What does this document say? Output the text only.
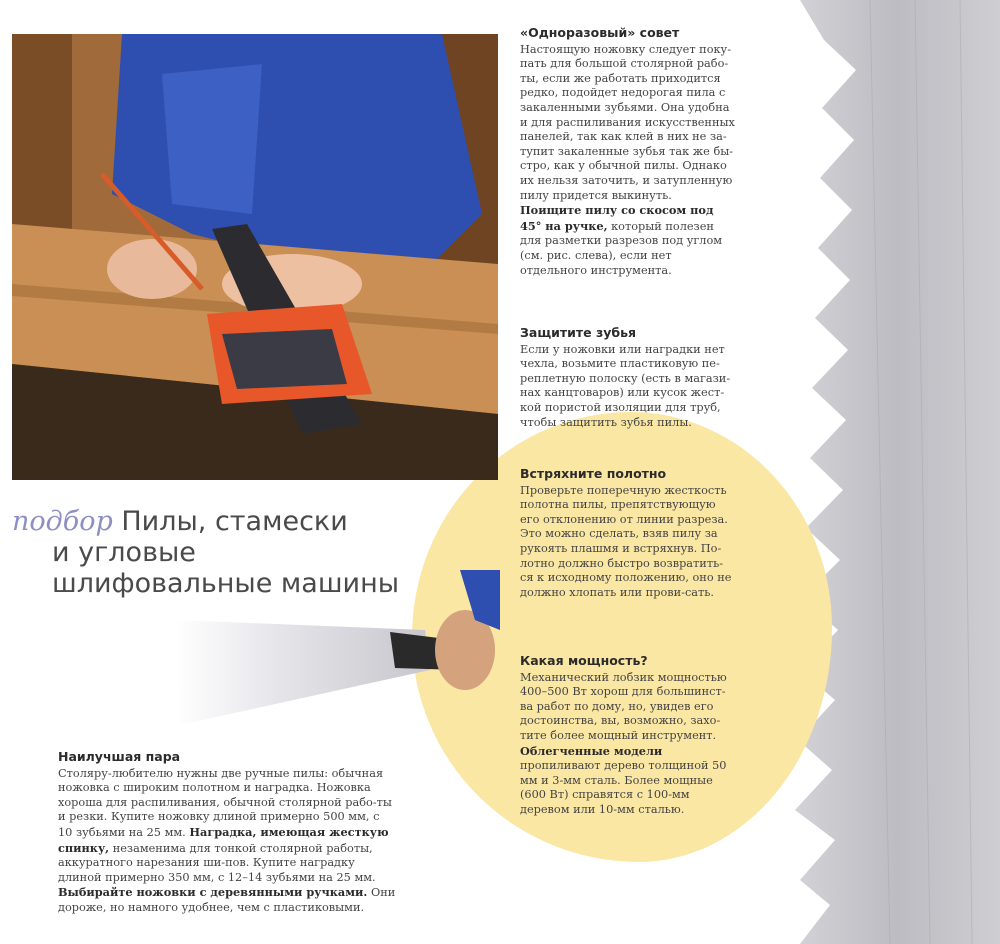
подбор Пилы, стамески
и угловые
шлифовальные машины
«Одноразовый» совет

Настоящую ножовку следует поку-пать для большой столярной рабо-ты, если же работать приходится редко, подойдет недорогая пила с закаленными зубьями. Она удобна и для распиливания искусственных панелей, так как клей в них не за-тупит закаленные зубья так же бы-стро, как у обычной пилы. Однако их нельзя заточить, и затупленную пилу придется выкинуть. Поищите пилу со скосом под 45° на ручке, который полезен для разметки разрезов под углом (см. рис. слева), если нет отдельного инструмента.

Защитите зубья

Если у ножовки или наградки нет чехла, возьмите пластиковую пе-реплетную полоску (есть в магази-нах канцтоваров) или кусок жест-кой пористой изоляции для труб, чтобы защитить зубья пилы.

Встряхните полотно

Проверьте поперечную жесткость полотна пилы, препятствующую его отклонению от линии разреза. Это можно сделать, взяв пилу за рукоять плашмя и встряхнув. По-лотно должно быстро возвратить-ся к исходному положению, оно не должно хлопать или прови-сать.

Какая мощность?

Механический лобзик мощностью 400–500 Вт хорош для большинст-ва работ по дому, но, увидев его достоинства, вы, возможно, захо-тите более мощный инструмент. Облегченные модели пропиливают дерево толщиной 50 мм и 3-мм сталь. Более мощные (600 Вт) справятся с 100-мм деревом или 10-мм сталью.

Наилучшая пара

Столяру-любителю нужны две ручные пилы: обычная ножовка с широким полотном и наградка. Ножовка хороша для распиливания, обычной столярной рабо-ты и резки. Купите ножовку длиной примерно 500 мм, с 10 зубьями на 25 мм. Наградка, имеющая жесткую спинку, незаменима для тонкой столярной работы, аккуратного нарезания ши-пов. Купите наградку длиной примерно 350 мм, с 12–14 зубьями на 25 мм. Выбирайте ножовки с деревянными ручками. Они дороже, но намного удобнее, чем с пластиковыми.
